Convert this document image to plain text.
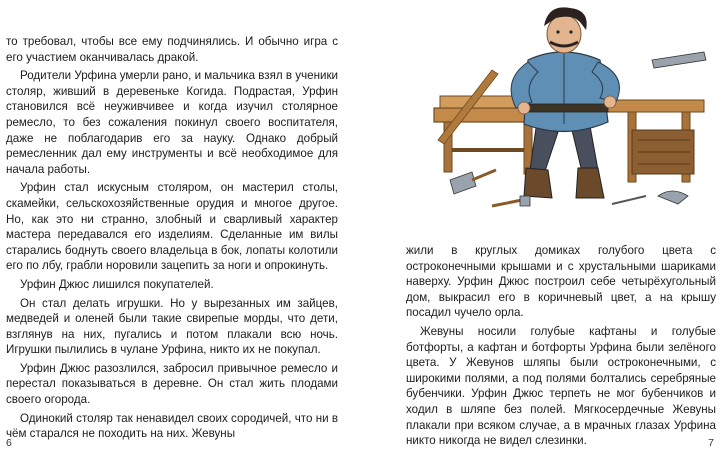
то требовал, чтобы все ему подчинялись. И обычно игра с его участием оканчивалась дракой.

Родители Урфина умерли рано, и мальчика взял в ученики столяр, живший в деревеньке Когида. Подрастая, Урфин становился всё неуживчивее и когда изучил столярное ремесло, то без сожаления покинул своего воспитателя, даже не поблагодарив его за науку. Однако добрый ремесленник дал ему инструменты и всё необходимое для начала работы.

Урфин стал искусным столяром, он мастерил столы, скамейки, сельскохозяйственные орудия и многое другое. Но, как это ни странно, злобный и сварливый характер мастера передавался его изделиям. Сделанные им вилы старались боднуть своего владельца в бок, лопаты колотили его по лбу, грабли норовили зацепить за ноги и опрокинуть.

Урфин Джюс лишился покупателей.

Он стал делать игрушки. Но у вырезанных им зайцев, медведей и оленей были такие свирепые морды, что дети, взглянув на них, пугались и потом плакали всю ночь. Игрушки пылились в чулане Урфина, никто их не покупал.

Урфин Джюс разозлился, забросил привычное ремесло и перестал показываться в деревне. Он стал жить плодами своего огорода.

Одинокий столяр так ненавидел своих сородичей, что ни в чём старался не походить на них. Жевуны

6

жили в круглых домиках голубого цвета с остроконечными крышами и с хрустальными шариками наверху. Урфин Джюс построил себе четырёхугольный дом, выкрасил его в коричневый цвет, а на крышу посадил чучело орла.

Жевуны носили голубые кафтаны и голубые ботфорты, а кафтан и ботфорты Урфина были зелёного цвета. У Жевунов шляпы были остроконечными, с широкими полями, а под полями болтались серебряные бубенчики. Урфин Джюс терпеть не мог бубенчиков и ходил в шляпе без полей. Мягкосердечные Жевуны плакали при всяком случае, а в мрачных глазах Урфина никто никогда не видел слезинки.	7
